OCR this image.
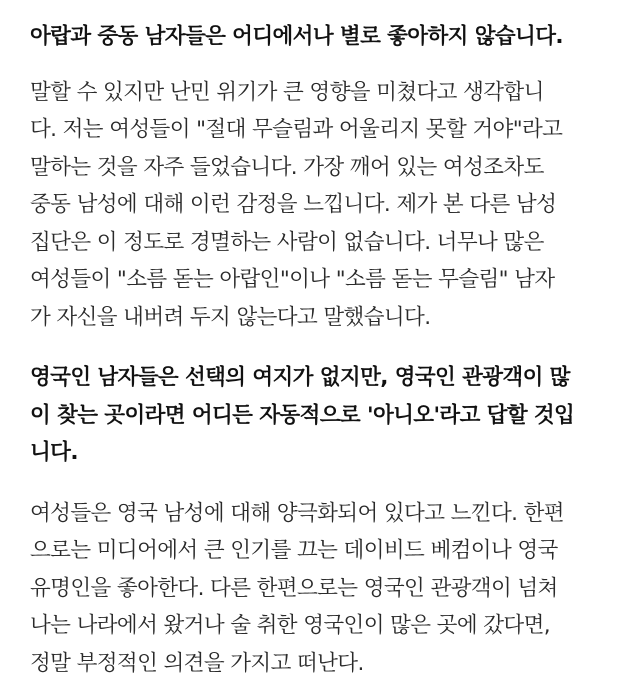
아랍과 중동 남자들은 어디에서나 별로 좋아하지 않습니다.

말할 수 있지만 난민 위기가 큰 영향을 미쳤다고 생각합니
다. 저는 여성들이 "절대 무슬림과 어울리지 못할 거야"라고
말하는 것을 자주 들었습니다. 가장 깨어 있는 여성조차도
중동 남성에 대해 이런 감정을 느낍니다. 제가 본 다른 남성
집단은 이 정도로 경멸하는 사람이 없습니다. 너무나 많은
여성들이 "소름 돋는 아랍인"이나 "소름 돋는 무슬림" 남자
가 자신을 내버려 두지 않는다고 말했습니다.

영국인 남자들은 선택의 여지가 없지만, 영국인 관광객이 많
이 찾는 곳이라면 어디든 자동적으로 '아니오'라고 답할 것입
니다.

여성들은 영국 남성에 대해 양극화되어 있다고 느낀다. 한편
으로는 미디어에서 큰 인기를 끄는 데이비드 베컴이나 영국
유명인을 좋아한다. 다른 한편으로는 영국인 관광객이 넘쳐
나는 나라에서 왔거나 술 취한 영국인이 많은 곳에 갔다면,
정말 부정적인 의견을 가지고 떠난다.
